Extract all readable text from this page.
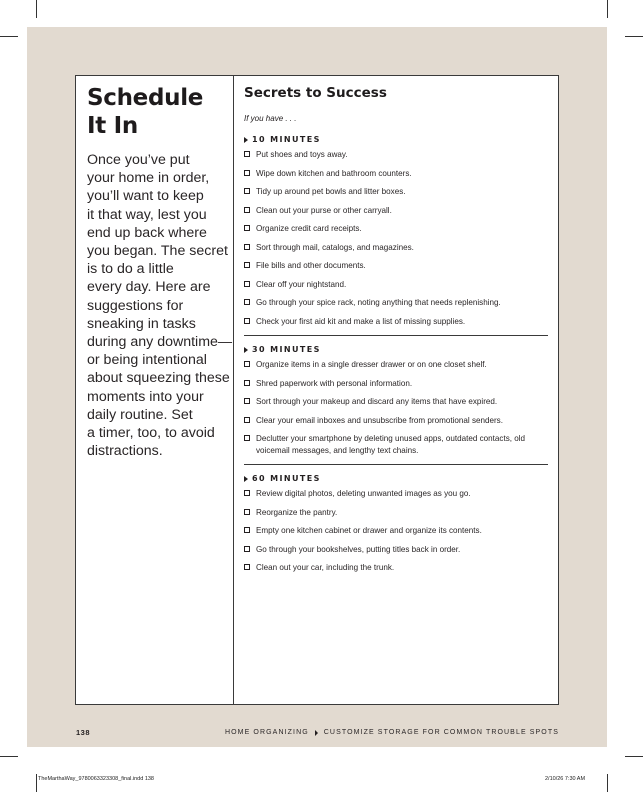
Schedule
It In

Once you’ve put
your home in order,
you’ll want to keep
it that way, lest you
end up back where
you began. The secret
is to do a little
every day. Here are
suggestions for
sneaking in tasks
during any downtime—
or being intentional
about squeezing these
moments into your
daily routine. Set
a timer, too, to avoid
distractions.

Secrets to Success

If you have . . .

10 MINUTES
Put shoes and toys away.
Wipe down kitchen and bathroom counters.
Tidy up around pet bowls and litter boxes.
Clean out your purse or other carryall.
Organize credit card receipts.
Sort through mail, catalogs, and magazines.
File bills and other documents.
Clear off your nightstand.
Go through your spice rack, noting anything that needs replenishing.
Check your first aid kit and make a list of missing supplies.
30 MINUTES
Organize items in a single dresser drawer or on one closet shelf.
Shred paperwork with personal information.
Sort through your makeup and discard any items that have expired.
Clear your email inboxes and unsubscribe from promotional senders.
Declutter your smartphone by deleting unused apps, outdated contacts, old voicemail messages, and lengthy text chains.
60 MINUTES
Review digital photos, deleting unwanted images as you go.
Reorganize the pantry.
Empty one kitchen cabinet or drawer and organize its contents.
Go through your bookshelves, putting titles back in order.
Clean out your car, including the trunk.
138	HOME ORGANIZING CUSTOMIZE STORAGE FOR COMMON TROUBLE SPOTS
TheMarthaWay_9780063323308_final.indd 138	2/10/26 7:30 AM
